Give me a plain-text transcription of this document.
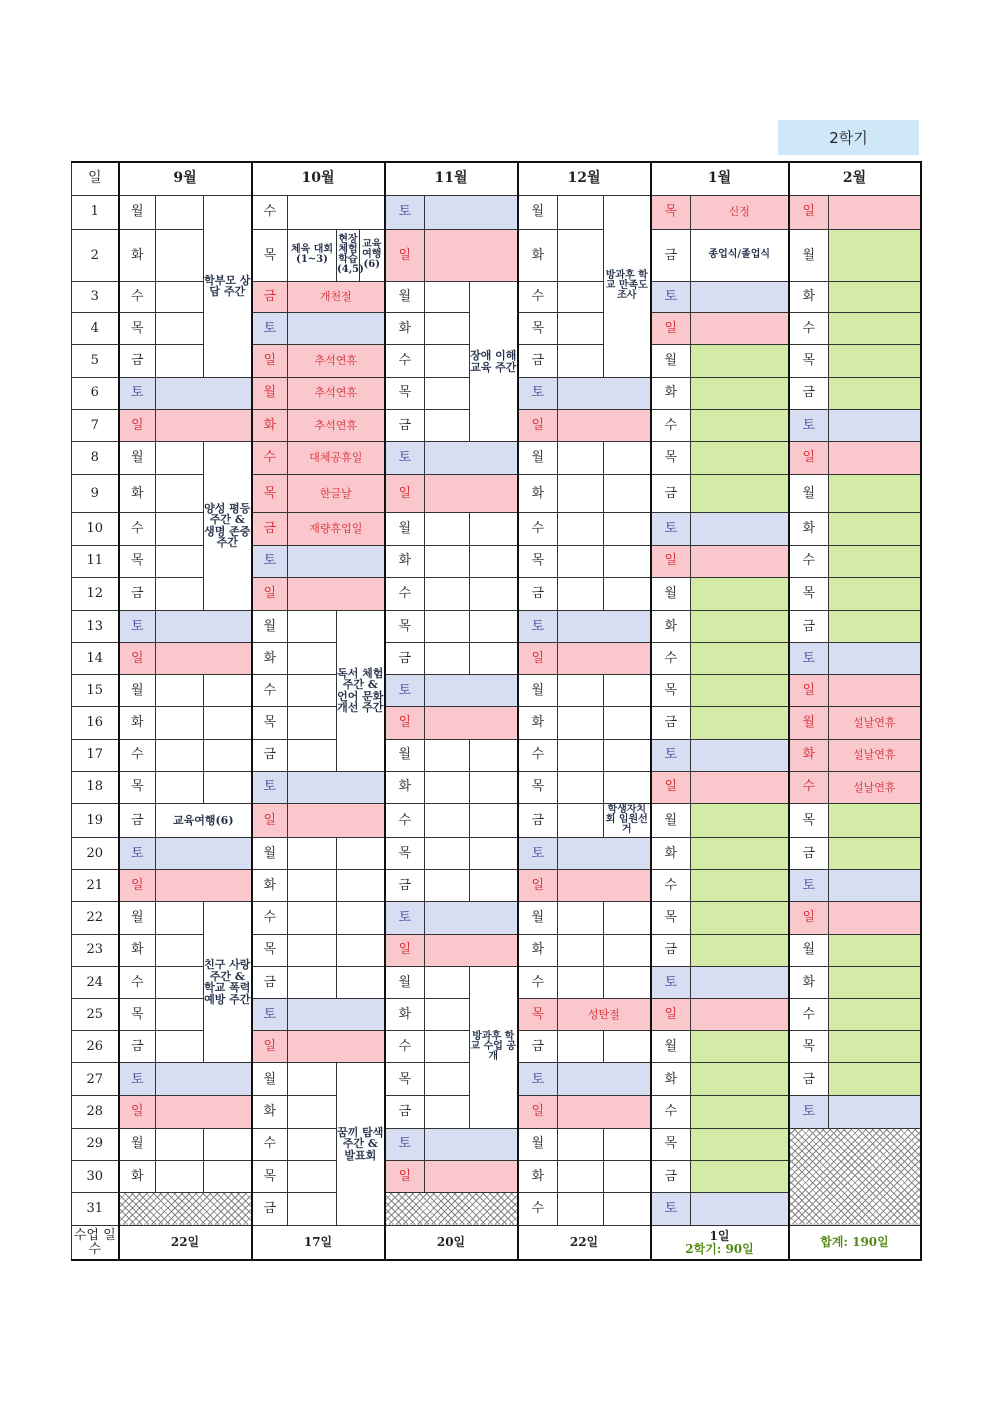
2학기
일	9월			10월				11월			12월			1월		2월	
1	월		학부모 상담 주간	수				토			월		방과후 학교 만족도 조사	목	신정	일	
2	화			목	체육 대회 (1~3)	현장 체험 학습 (4,5)	교육 여행 (6)	일			화			금	종업식/졸업식	월	
3	수			금	개천절			월		장애 이해 교육 주간	수			토		화	
4	목			토				화			목			일		수	
5	금			일	추석연휴			수			금			월		목	
6	토			월	추석연휴			목			토			화		금	
7	일			화	추석연휴			금			일			수		토	
8	월		양성 평등 주간 & 생명 존중 주간	수	대체공휴일			토			월			목		일	
9	화			목	한글날			일			화			금		월	
10	수			금	재량휴업일			월			수			토		화	
11	목			토				화			목			일		수	
12	금			일				수			금			월		목	
13	토			월		독서 체험 주간 & 언어 문화 개선 주간		목			토			화		금	
14	일			화				금			일			수		토	
15	월			수				토			월			목		일	
16	화			목				일			화			금		월	설날연휴
17	수			금				월			수			토		화	설날연휴
18	목			토				화			목			일		수	설날연휴
19	금	교육여행(6)		일				수			금		학생자치회 임원선거	월		목	
20	토			월				목			토			화		금	
21	일			화				금			일			수		토	
22	월		친구 사랑 주간 & 학교 폭력 예방 주간	수				토			월			목		일	
23	화			목				일			화			금		월	
24	수			금				월		방과후 학교 수업 공개	수			토		화	
25	목			토				화			목	성탄절		일		수	
26	금			일				수			금			월		목	
27	토			월		꿈끼 탐색 주간 & 발표회		목			토			화		금	
28	일			화				금			일			수		토	
29	월			수				토			월			목			
30	화			목				일			화			금			
31				금							수			토			
수업 일수	22일			17일				20일			22일			1일
2학기: 90일		합계: 190일	
